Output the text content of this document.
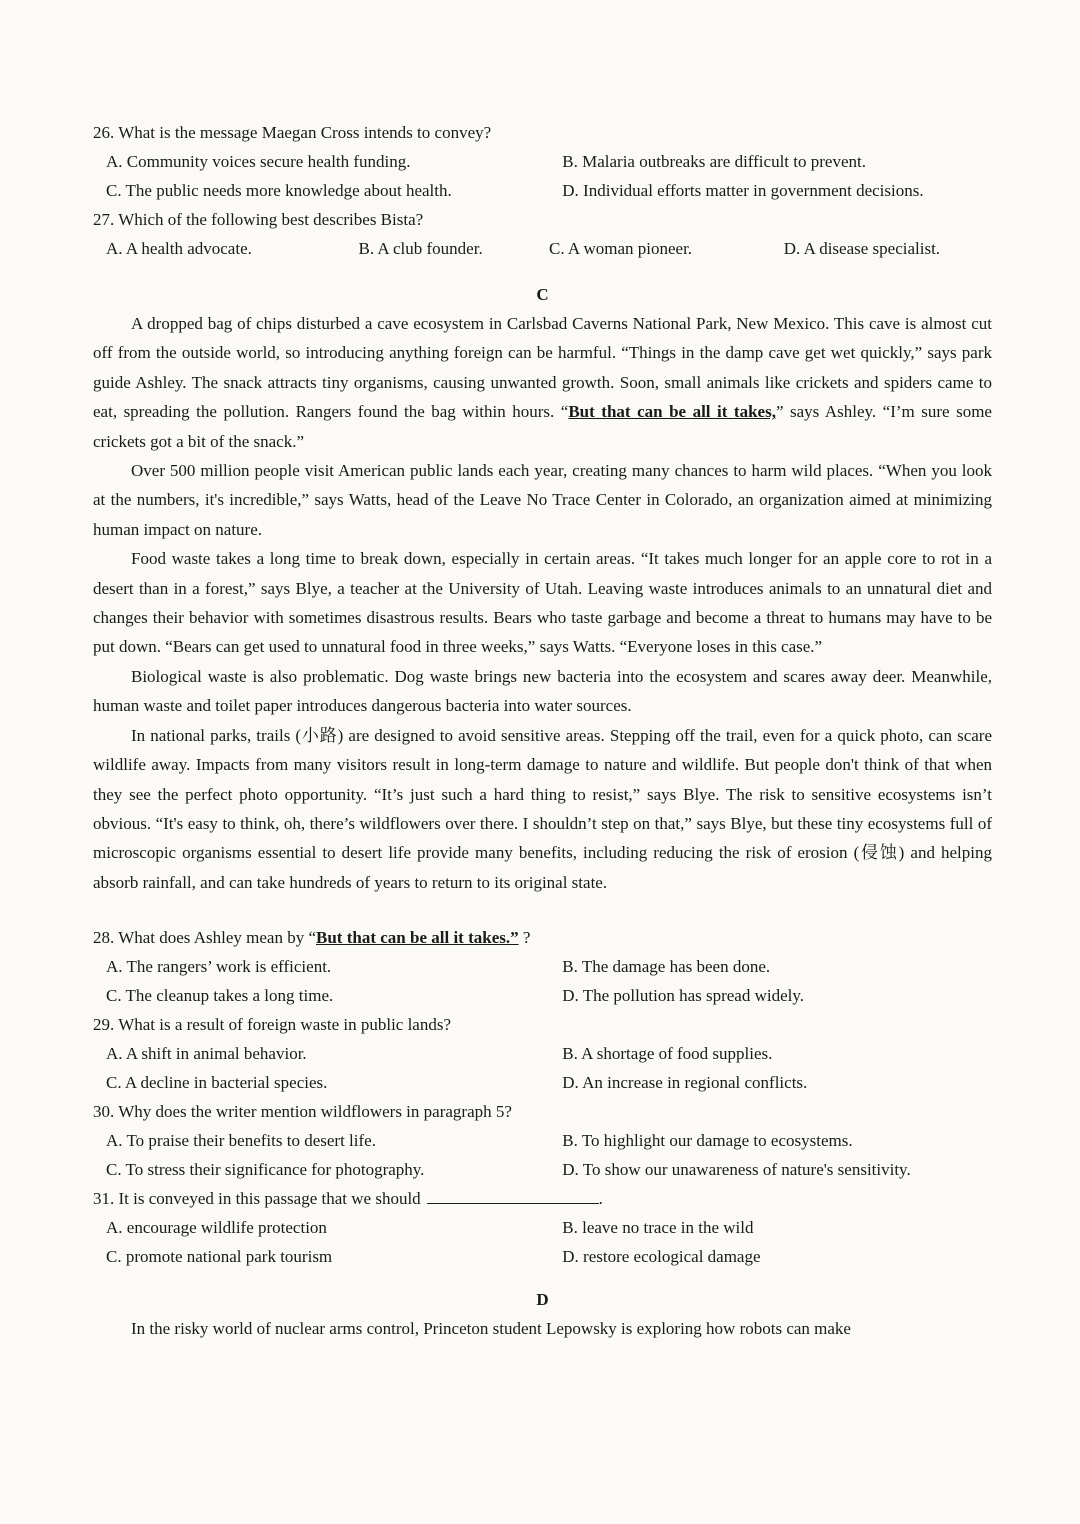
26. What is the message Maegan Cross intends to convey?
A. Community voices secure health funding.	B. Malaria outbreaks are difficult to prevent.
C. The public needs more knowledge about health.	D. Individual efforts matter in government decisions.
27. Which of the following best describes Bista?
A. A health advocate.	B. A club founder.	C. A woman pioneer.	D. A disease specialist.
C

A dropped bag of chips disturbed a cave ecosystem in Carlsbad Caverns National Park, New Mexico. This cave is almost cut off from the outside world, so introducing anything foreign can be harmful. “Things in the damp cave get wet quickly,” says park guide Ashley. The snack attracts tiny organisms, causing unwanted growth. Soon, small animals like crickets and spiders came to eat, spreading the pollution. Rangers found the bag within hours. “But that can be all it takes,” says Ashley. “I’m sure some crickets got a bit of the snack.”

Over 500 million people visit American public lands each year, creating many chances to harm wild places. “When you look at the numbers, it's incredible,” says Watts, head of the Leave No Trace Center in Colorado, an organization aimed at minimizing human impact on nature.

Food waste takes a long time to break down, especially in certain areas. “It takes much longer for an apple core to rot in a desert than in a forest,” says Blye, a teacher at the University of Utah. Leaving waste introduces animals to an unnatural diet and changes their behavior with sometimes disastrous results. Bears who taste garbage and become a threat to humans may have to be put down. “Bears can get used to unnatural food in three weeks,” says Watts. “Everyone loses in this case.”

Biological waste is also problematic. Dog waste brings new bacteria into the ecosystem and scares away deer. Meanwhile, human waste and toilet paper introduces dangerous bacteria into water sources.

In national parks, trails (小路) are designed to avoid sensitive areas. Stepping off the trail, even for a quick photo, can scare wildlife away. Impacts from many visitors result in long-term damage to nature and wildlife. But people don't think of that when they see the perfect photo opportunity. “It’s just such a hard thing to resist,” says Blye. The risk to sensitive ecosystems isn’t obvious. “It's easy to think, oh, there’s wildflowers over there. I shouldn’t step on that,” says Blye, but these tiny ecosystems full of microscopic organisms essential to desert life provide many benefits, including reducing the risk of erosion (侵蚀) and helping absorb rainfall, and can take hundreds of years to return to its original state.

28. What does Ashley mean by “But that can be all it takes.” ?
A. The rangers’ work is efficient.	B. The damage has been done.
C. The cleanup takes a long time.	D. The pollution has spread widely.
29. What is a result of foreign waste in public lands?
A. A shift in animal behavior.	B. A shortage of food supplies.
C. A decline in bacterial species.	D. An increase in regional conflicts.
30. Why does the writer mention wildflowers in paragraph 5?
A. To praise their benefits to desert life.	B. To highlight our damage to ecosystems.
C. To stress their significance for photography.	D. To show our unawareness of nature's sensitivity.
31. It is conveyed in this passage that we should	.
A. encourage wildlife protection	B. leave no trace in the wild
C. promote national park tourism	D. restore ecological damage
D

In the risky world of nuclear arms control, Princeton student Lepowsky is exploring how robots can make
